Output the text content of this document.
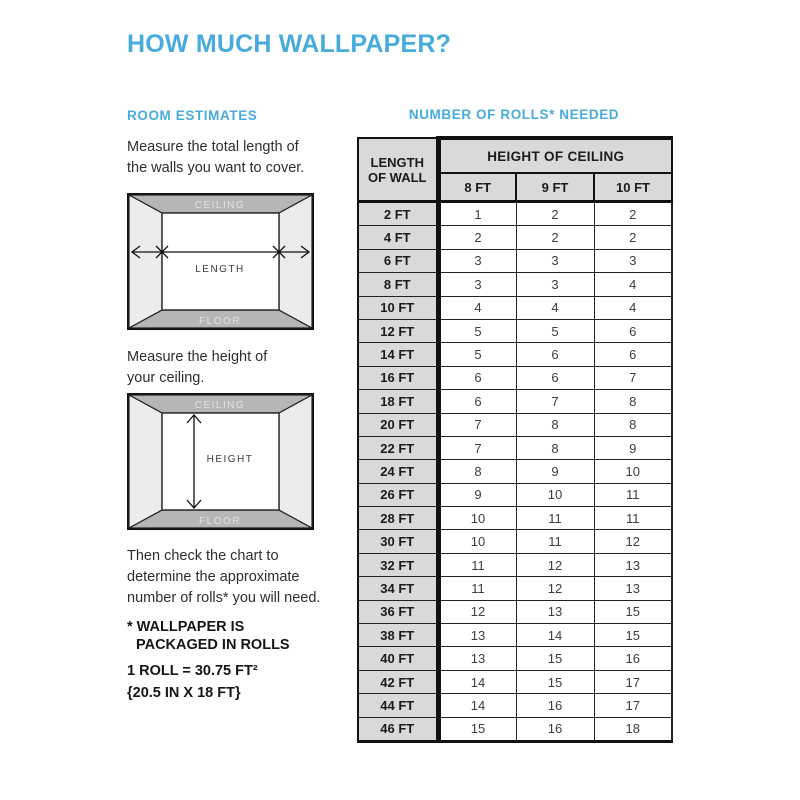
HOW MUCH WALLPAPER?
ROOM ESTIMATES
Measure the total length of
the walls you want to cover.
CEILING
FLOOR
LENGTH
Measure the height of
your ceiling.
CEILING
FLOOR
HEIGHT
Then check the chart to
determine the approximate
number of rolls* you will need.
* WALLPAPER IS
PACKAGED IN ROLLS
1 ROLL = 30.75 FT²
{20.5 IN X 18 FT}
NUMBER OF ROLLS* NEEDED
LENGTH
OF WALL	HEIGHT OF CEILING		
	8 FT	9 FT	10 FT
2 FT	1	2	2
4 FT	2	2	2
6 FT	3	3	3
8 FT	3	3	4
10 FT	4	4	4
12 FT	5	5	6
14 FT	5	6	6
16 FT	6	6	7
18 FT	6	7	8
20 FT	7	8	8
22 FT	7	8	9
24 FT	8	9	10
26 FT	9	10	11
28 FT	10	11	11
30 FT	10	11	12
32 FT	11	12	13
34 FT	11	12	13
36 FT	12	13	15
38 FT	13	14	15
40 FT	13	15	16
42 FT	14	15	17
44 FT	14	16	17
46 FT	15	16	18
